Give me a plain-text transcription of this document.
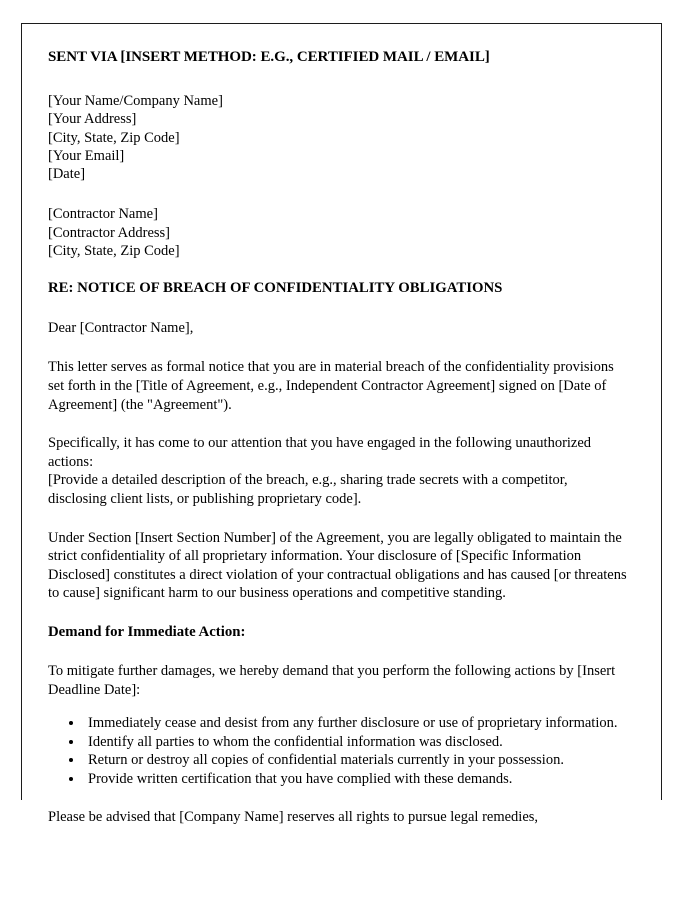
SENT VIA [INSERT METHOD: E.G., CERTIFIED MAIL / EMAIL]

[Your Name/Company Name]
[Your Address]
[City, State, Zip Code]
[Your Email]
[Date]
[Contractor Name]
[Contractor Address]
[City, State, Zip Code]

RE: NOTICE OF BREACH OF CONFIDENTIALITY OBLIGATIONS

Dear [Contractor Name],

This letter serves as formal notice that you are in material breach of the confidentiality provisions set forth in the [Title of Agreement, e.g., Independent Contractor Agreement] signed on [Date of Agreement] (the "Agreement").

Specifically, it has come to our attention that you have engaged in the following unauthorized actions:

[Provide a detailed description of the breach, e.g., sharing trade secrets with a competitor, disclosing client lists, or publishing proprietary code].

Under Section [Insert Section Number] of the Agreement, you are legally obligated to maintain the strict confidentiality of all proprietary information. Your disclosure of [Specific Information Disclosed] constitutes a direct violation of your contractual obligations and has caused [or threatens to cause] significant harm to our business operations and competitive standing.

Demand for Immediate Action:

To mitigate further damages, we hereby demand that you perform the following actions by [Insert Deadline Date]:

• Immediately cease and desist from any further disclosure or use of proprietary information.
• Identify all parties to whom the confidential information was disclosed.
• Return or destroy all copies of confidential materials currently in your possession.
• Provide written certification that you have complied with these demands.

Please be advised that [Company Name] reserves all rights to pursue legal remedies,
